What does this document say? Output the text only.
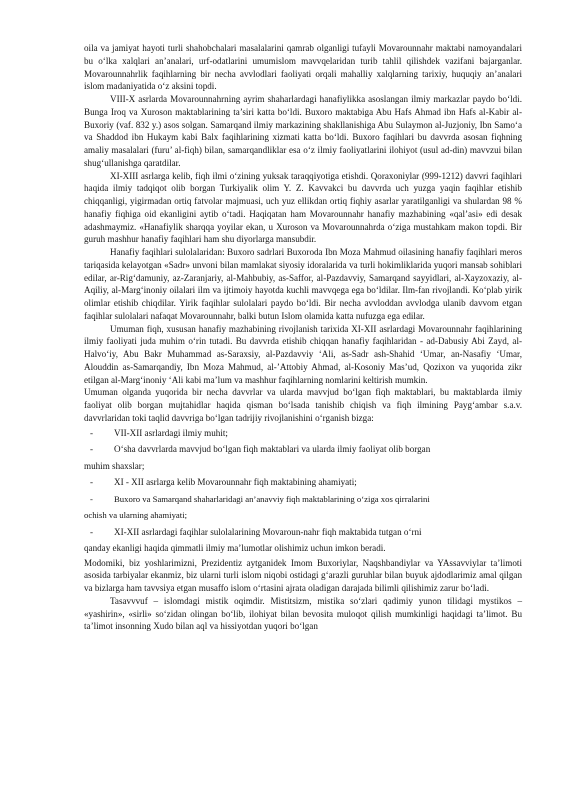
oila va jamiyat hayoti turli shahobchalari masalalarini qamrab olganligi tufayli Movarounnahr maktabi namoyandalari bu o‘lka xalqlari an’analari, urf-odatlarini umumislom mavvqelaridan turib tahlil qilishdek vazifani bajarganlar. Movarounnahrlik faqihlarning bir necha avvlodlari faoliyati orqali mahalliy xalqlarning tarixiy, huquqiy an’analari islom madaniyatida o‘z aksini topdi.

VIII-X asrlarda Movarounnahrning ayrim shaharlardagi hanafiylikka asoslangan ilmiy markazlar paydo bo‘ldi. Bunga Iroq va Xuroson maktablarining ta’siri katta bo‘ldi. Buxoro maktabiga Abu Hafs Ahmad ibn Hafs al-Kabir al-Buxoriy (vaf. 832 y.) asos solgan. Samarqand ilmiy markazining shakllanishiga Abu Sulaymon al-Juzjoniy, Ibn Samo‘a va Shaddod ibn Hukaym kabi Balx faqihlarining xizmati katta bo‘ldi. Buxoro faqihlari bu davvrda asosan fiqhning amaliy masalalari (furu’ al-fiqh) bilan, samarqandliklar esa o‘z ilmiy faoliyatlarini ilohiyot (usul ad-din) mavvzui bilan shug‘ullanishga qaratdilar.

XI-XIII asrlarga kelib, fiqh ilmi o‘zining yuksak taraqqiyotiga etishdi. Qoraxoniylar (999-1212) davvri faqihlari haqida ilmiy tadqiqot olib borgan Turkiyalik olim Y. Z. Kavvakci bu davvrda uch yuzga yaqin faqihlar etishib chiqqanligi, yigirmadan ortiq fatvolar majmuasi, uch yuz ellikdan ortiq fiqhiy asarlar yaratilganligi va shulardan 98 % hanafiy fiqhiga oid ekanligini aytib o‘tadi. Haqiqatan ham Movarounnahr hanafiy mazhabining «qal’asi» edi desak adashmaymiz. «Hanafiylik sharqqa yoyilar ekan, u Xuroson va Movarounnahrda o‘ziga mustahkam makon topdi. Bir guruh mashhur hanafiy faqihlari ham shu diyorlarga mansubdir.

Hanafiy faqihlari sulolalaridan: Buxoro sadrlari Buxoroda Ibn Moza Mahmud oilasining hanafiy faqihlari meros tariqasida kelayotgan «Sadr» unvoni bilan mamlakat siyosiy idoralarida va turli hokimliklarida yuqori mansab sohiblari edilar, ar-Rig‘damuniy, az-Zaranjariy, al-Mahbubiy, as-Saffor, al-Pazdavviy, Samarqand sayyidlari, al-Xayzoxaziy, al-Aqiliy, al-Marg‘inoniy oilalari ilm va ijtimoiy hayotda kuchli mavvqega ega bo‘ldilar. Ilm-fan rivojlandi. Ko‘plab yirik olimlar etishib chiqdilar. Yirik faqihlar sulolalari paydo bo‘ldi. Bir necha avvloddan avvlodga ulanib davvom etgan faqihlar sulolalari nafaqat Movarounnahr, balki butun Islom olamida katta nufuzga ega edilar.

Umuman fiqh, xususan hanafiy mazhabining rivojlanish tarixida XI-XII asrlardagi Movarounnahr faqihlarining ilmiy faoliyati juda muhim o‘rin tutadi. Bu davvrda etishib chiqqan hanafiy faqihlaridan - ad-Dabusiy Abi Zayd, al-Halvo‘iy, Abu Bakr Muhammad as-Saraxsiy, al-Pazdavviy ‘Ali, as-Sadr ash-Shahid ‘Umar, an-Nasafiy ‘Umar, Alouddin as-Samarqandiy, Ibn Moza Mahmud, al-’Attobiy Ahmad, al-Kosoniy Mas’ud, Qozixon va yuqorida zikr etilgan al-Marg‘inoniy ‘Ali kabi ma’lum va mashhur faqihlarning nomlarini keltirish mumkin.

Umuman olganda yuqorida bir necha davvrlar va ularda mavvjud bo‘lgan fiqh maktablari, bu maktablarda ilmiy faoliyat olib borgan mujtahidlar haqida qisman bo‘lsada tanishib chiqish va fiqh ilmining Payg‘ambar s.a.v. davvrlaridan toki taqlid davvriga bo‘lgan tadrijiy rivojlanishini o‘rganish bizga:

-	VII-XII asrlardagi ilmiy muhit;
-	O‘sha davvrlarda mavvjud bo‘lgan fiqh maktablari va ularda ilmiy faoliyat olib borgan

muhim shaxslar;

-	XI - XII asrlarga kelib Movarounnahr fiqh maktabining ahamiyati;
-	Buxoro va Samarqand shaharlaridagi an’anavviy fiqh maktablarining o‘ziga xos qirralarini

ochish va ularning ahamiyati;

-	XI-XII asrlardagi faqihlar sulolalarining Movaroun-nahr fiqh maktabida tutgan o‘rni

qanday ekanligi haqida qimmatli ilmiy ma’lumotlar olishimiz uchun imkon beradi.

Modomiki, biz yoshlarimizni, Prezidentiz aytganidek Imom Buxoriylar, Naqshbandiylar va YAssavviylar ta’limoti asosida tarbiyalar ekanmiz, biz ularni turli islom niqobi ostidagi g‘arazli guruhlar bilan buyuk ajdodlarimiz amal qilgan va bizlarga ham tavvsiya etgan musaffo islom o‘rtasini ajrata oladigan darajada bilimli qilishimiz zarur bo‘ladi.

Tasavvvuf – islomdagi mistik oqimdir. Mistitsizm, mistika so‘zlari qadimiy yunon tilidagi mystikos – «yashirin», «sirli» so‘zidan olingan bo‘lib, ilohiyat bilan bevosita muloqot qilish mumkinligi haqidagi ta’limot. Bu ta’limot insonning Xudo bilan aql va hissiyotdan yuqori bo‘lgan
